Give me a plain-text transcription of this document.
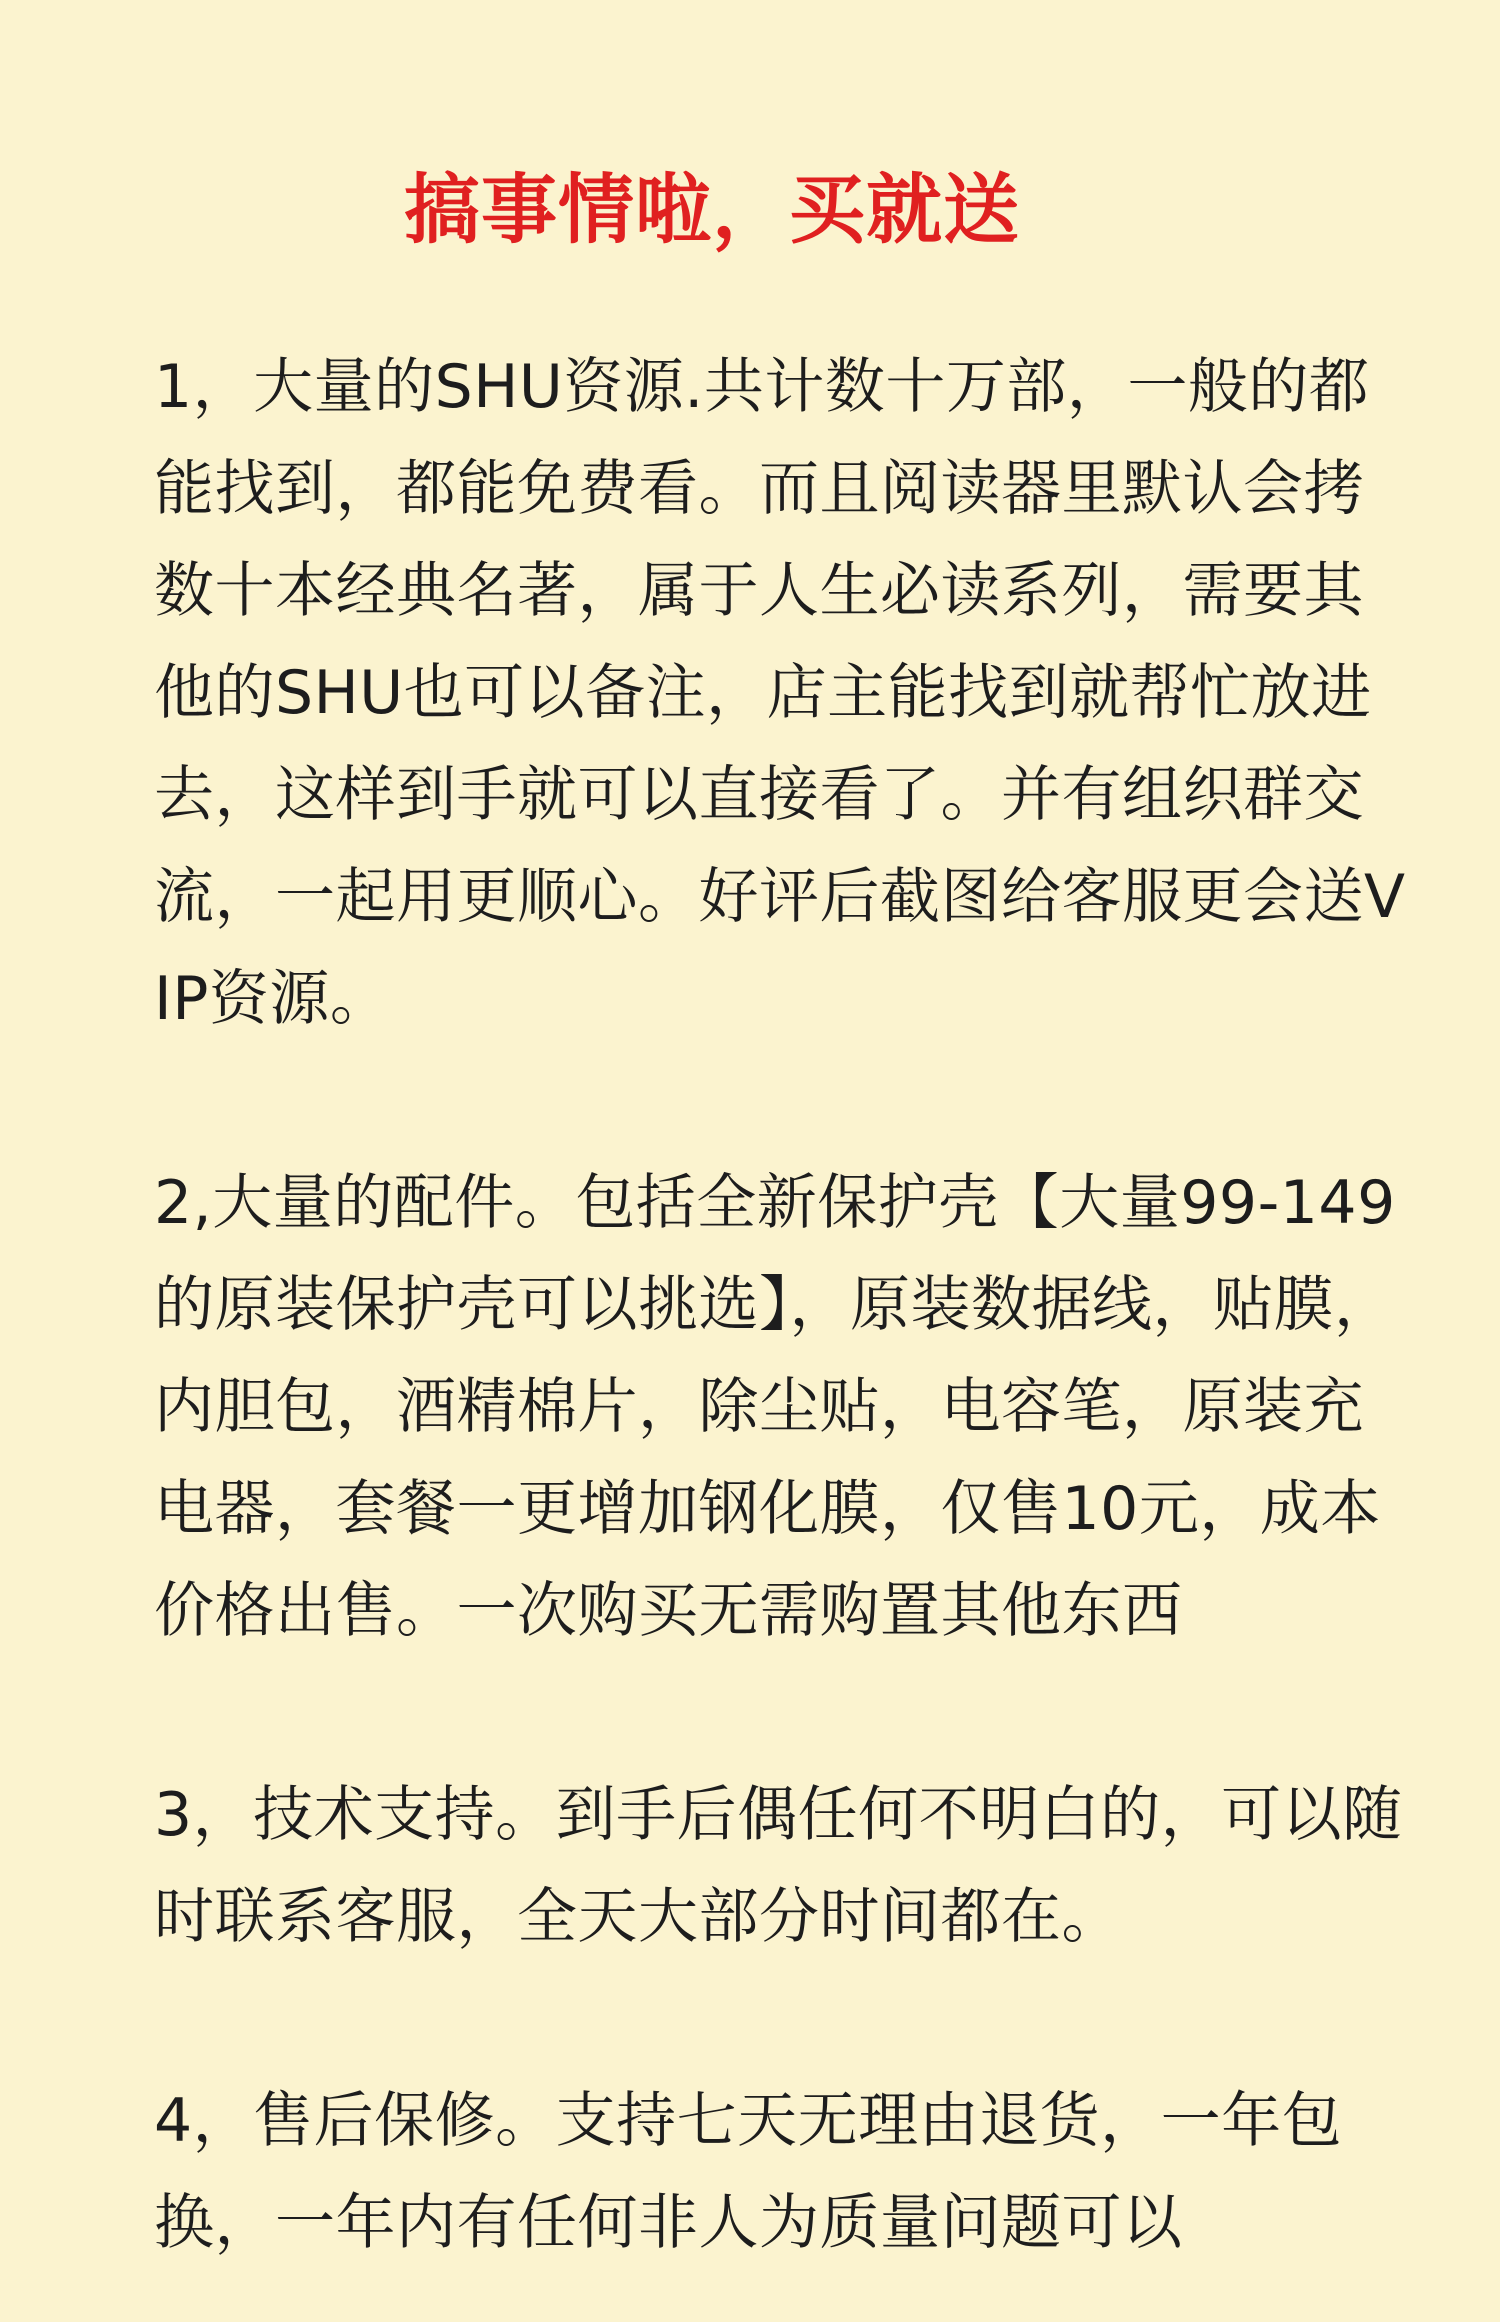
搞事情啦，买就送

1，大量的SHU资源.共计数十万部，一般的都能找到，都能免费看。而且阅读器里默认会拷数十本经典名著，属于人生必读系列，需要其他的SHU也可以备注，店主能找到就帮忙放进去，这样到手就可以直接看了。并有组织群交流，一起用更顺心。好评后截图给客服更会送VIP资源。

2,大量的配件。包括全新保护壳【大量99-149的原装保护壳可以挑选】，原装数据线，贴膜，内胆包，酒精棉片，除尘贴，电容笔，原装充电器，套餐一更增加钢化膜，仅售10元，成本价格出售。一次购买无需购置其他东西

3，技术支持。到手后偶任何不明白的，可以随时联系客服，全天大部分时间都在。

4，售后保修。支持七天无理由退货，一年包换，一年内有任何非人为质量问题可以
